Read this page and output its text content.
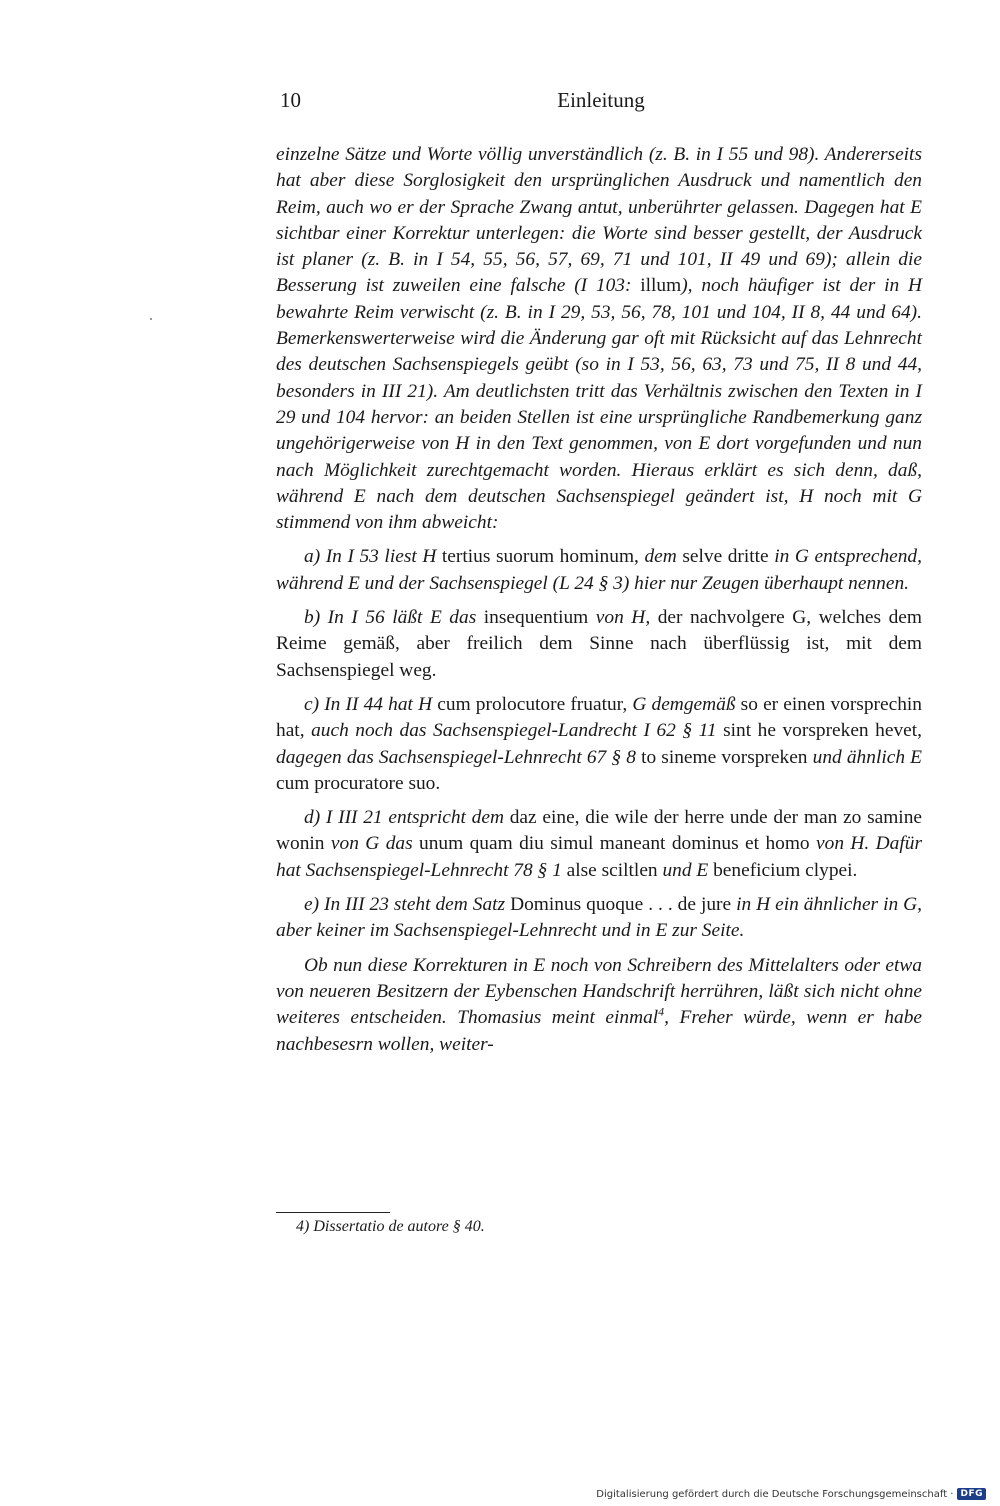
10	Einleitung

einzelne Sätze und Worte völlig unverständlich (z. B. in I 55 und 98). Andererseits hat aber diese Sorglosigkeit den ursprünglichen Ausdruck und namentlich den Reim, auch wo er der Sprache Zwang antut, unberührter gelassen. Dagegen hat E sichtbar einer Korrektur unterlegen: die Worte sind besser gestellt, der Ausdruck ist planer (z. B. in I 54, 55, 56, 57, 69, 71 und 101, II 49 und 69); allein die Besserung ist zuweilen eine falsche (I 103: illum), noch häufiger ist der in H bewahrte Reim verwischt (z. B. in I 29, 53, 56, 78, 101 und 104, II 8, 44 und 64). Bemerkenswerterweise wird die Änderung gar oft mit Rücksicht auf das Lehnrecht des deutschen Sachsenspiegels geübt (so in I 53, 56, 63, 73 und 75, II 8 und 44, besonders in III 21). Am deutlichsten tritt das Verhältnis zwischen den Texten in I 29 und 104 hervor: an beiden Stellen ist eine ursprüngliche Randbemerkung ganz ungehörigerweise von H in den Text genommen, von E dort vorgefunden und nun nach Möglichkeit zurechtgemacht worden. Hieraus erklärt es sich denn, daß, während E nach dem deutschen Sachsenspiegel geändert ist, H noch mit G stimmend von ihm abweicht:

a) In I 53 liest H tertius suorum hominum, dem selve dritte in G entsprechend, während E und der Sachsenspiegel (L 24 § 3) hier nur Zeugen überhaupt nennen.

b) In I 56 läßt E das insequentium von H, der nachvolgere G, welches dem Reime gemäß, aber freilich dem Sinne nach überflüssig ist, mit dem Sachsenspiegel weg.

c) In II 44 hat H cum prolocutore fruatur, G demgemäß so er einen vorsprechin hat, auch noch das Sachsenspiegel-Landrecht I 62 § 11 sint he vorspreken hevet, dagegen das Sachsenspiegel-Lehnrecht 67 § 8 to sineme vorspreken und ähnlich E cum procuratore suo.

d) I III 21 entspricht dem daz eine, die wile der herre unde der man zo samine wonin von G das unum quam diu simul maneant dominus et homo von H. Dafür hat Sachsenspiegel-Lehnrecht 78 § 1 alse sciltlen und E beneficium clypei.

e) In III 23 steht dem Satz Dominus quoque . . . de jure in H ein ähnlicher in G, aber keiner im Sachsenspiegel-Lehnrecht und in E zur Seite.

Ob nun diese Korrekturen in E noch von Schreibern des Mittelalters oder etwa von neueren Besitzern der Eybenschen Handschrift herrühren, läßt sich nicht ohne weiteres entscheiden. Thomasius meint einmal$^4$, Freher würde, wenn er habe nachbesesrn wollen, weiter-

4) Dissertatio de autore § 40.
Digitalisierung gefördert durch die Deutsche Forschungsgemeinschaft · DFG
